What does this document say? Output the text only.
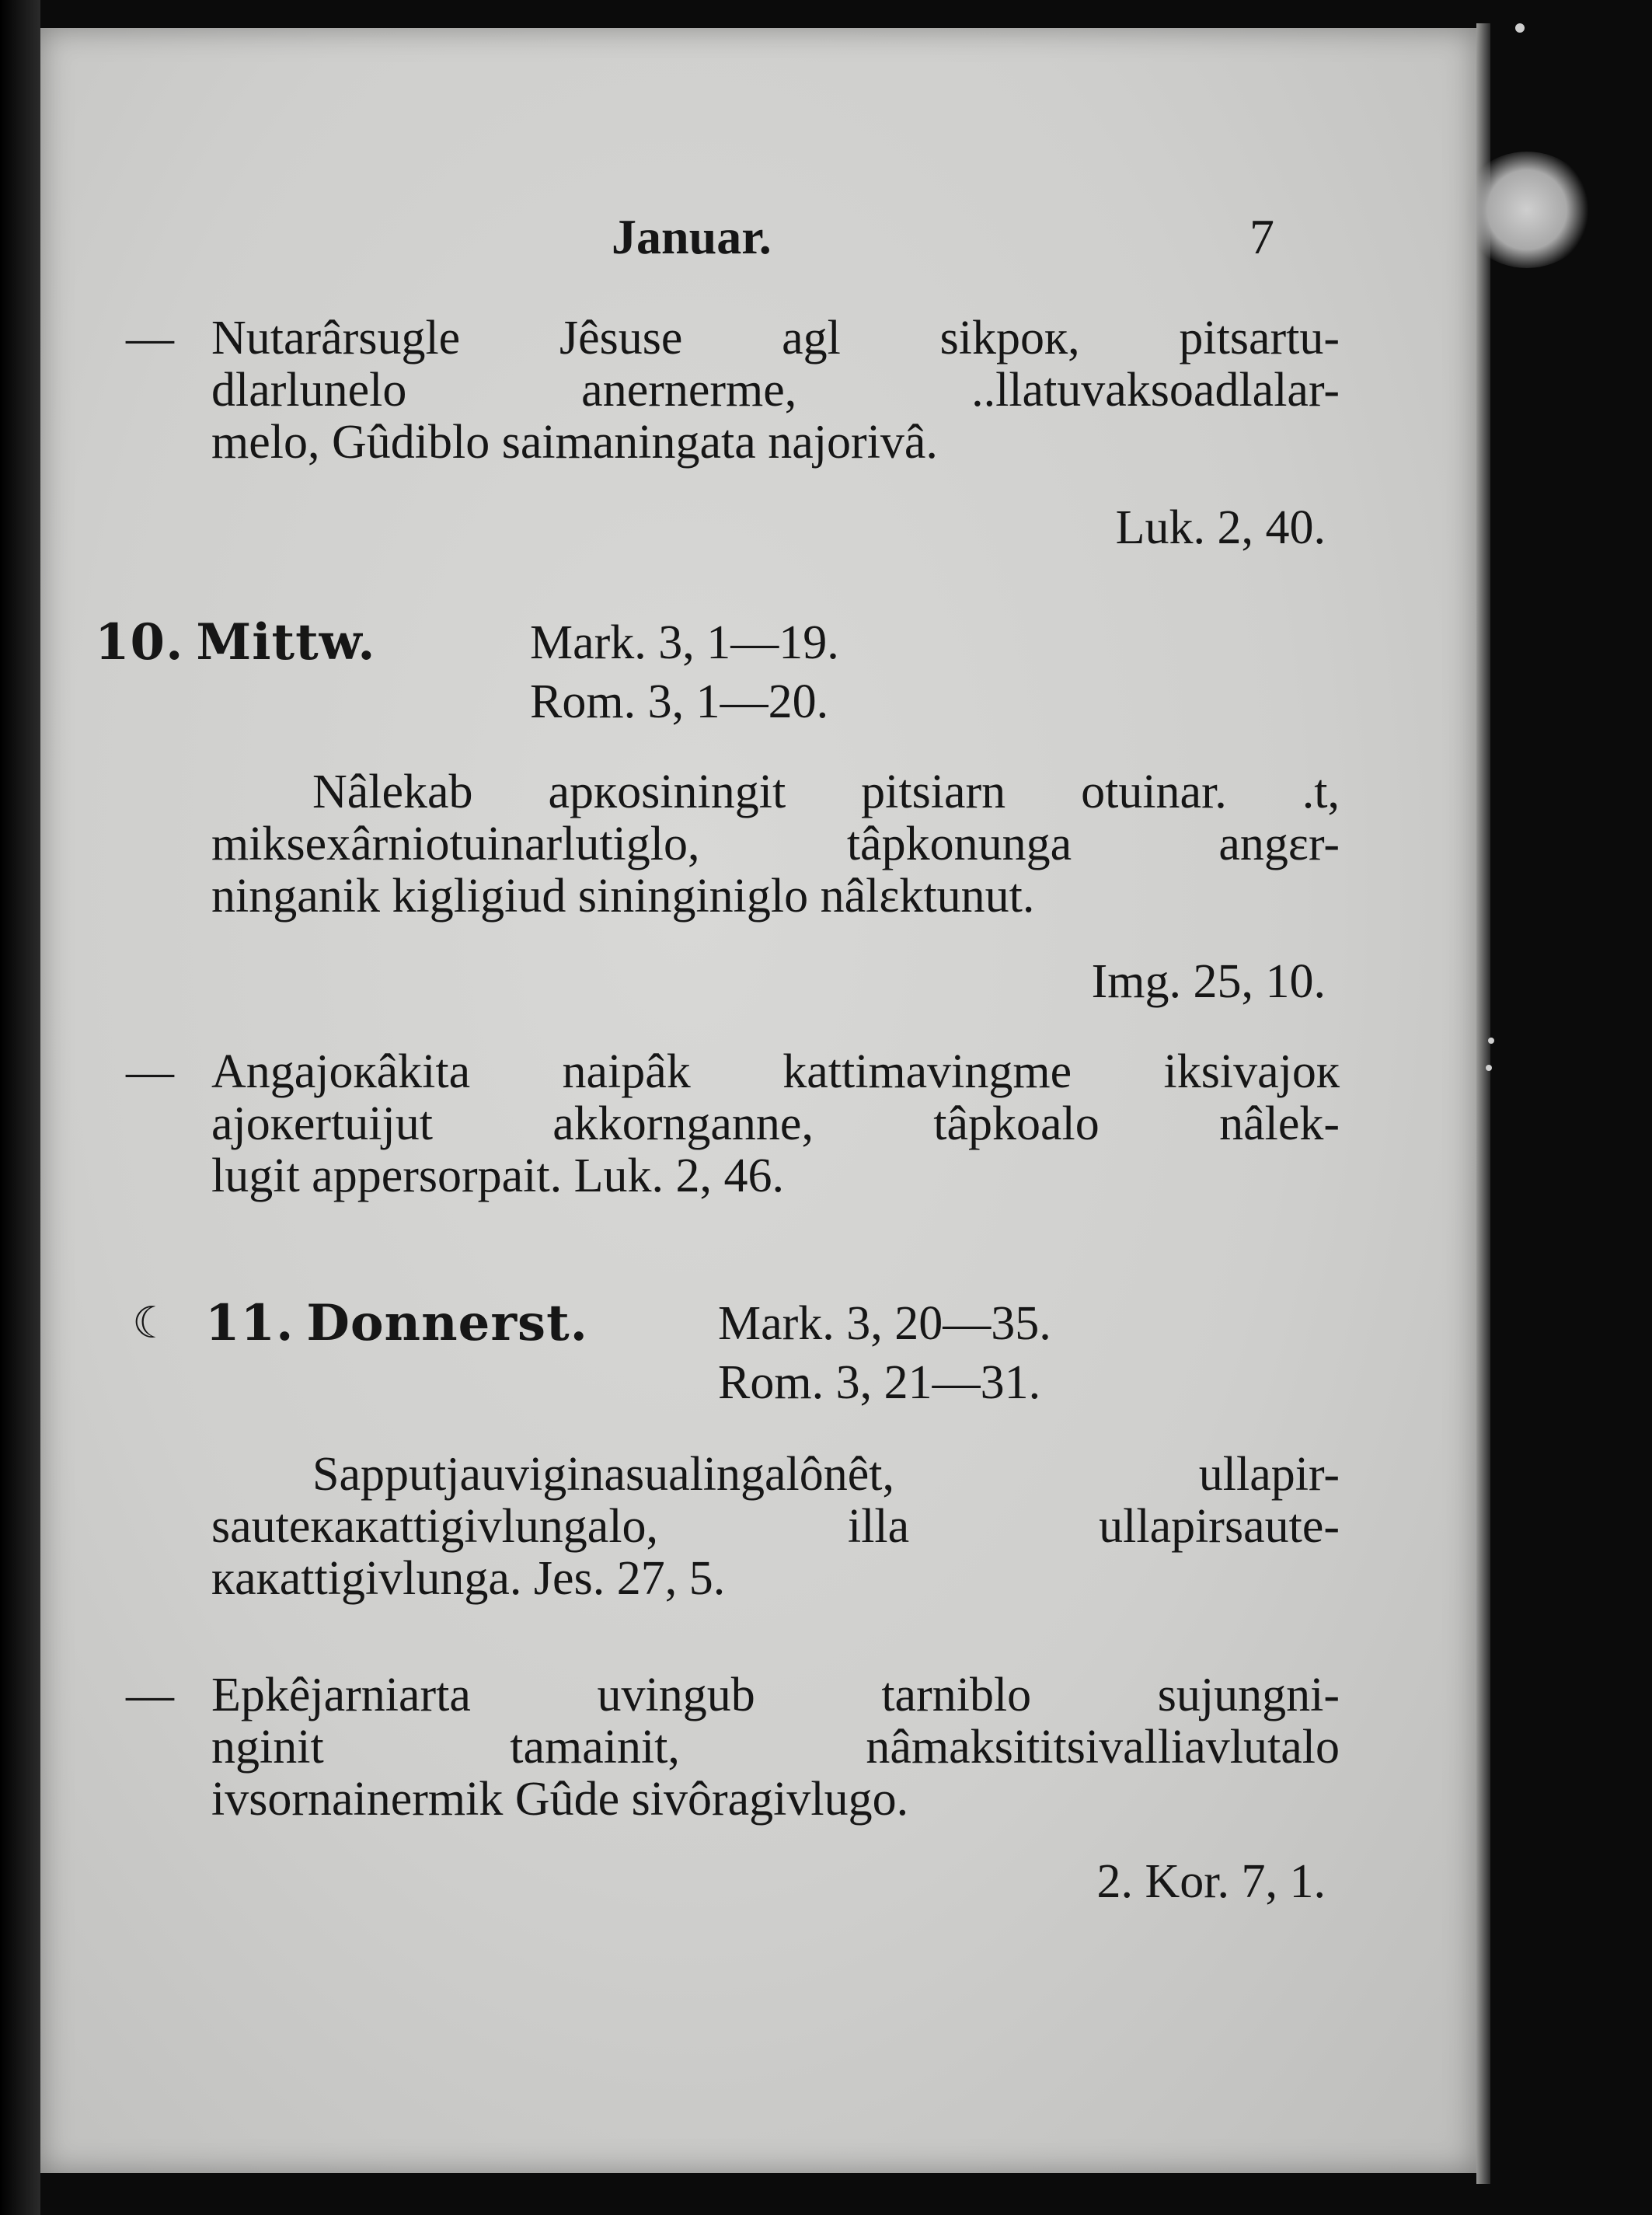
Januar.	7
— Nutarârsugle Jêsuse agl sikpoк, pitsartu-
dlarlunelo anernerme, ..llatuvaksoadlalar-
melo, Gûdiblo saimaningata najorivâ.
Luk. 2, 40.
10. Mittw.	Mark. 3, 1—19.
Rom. 3, 1—20.
Nâlekab apкosiningit pitsiarn otuinar. .t,
miksexârniotuinarlutiglo, tâpkonunga angɛr-
ninganik kigligiud sininginiglo nâlɛktunut.
Img. 25, 10.
— Angajoкâkita naipâk kattimavingme iksivajoк
ajoкertuijut akkornganne, tâpkoalo nâlek-
lugit appersorpait. Luk. 2, 46.
☾ 11. Donnerst.	Mark. 3, 20—35.
Rom. 3, 21—31.
Sapputjauviginasualingalônêt, ullapir-
sauteкaкattigivlungalo, illa ullapirsaute-
кaкattigivlunga. Jes. 27, 5.
— Epkêjarniarta uvingub tarniblo sujungni-
nginit tamainit, nâmaksititsivalliavlutalo
ivsornainermik Gûde sivôragivlugo.
2. Kor. 7, 1.
